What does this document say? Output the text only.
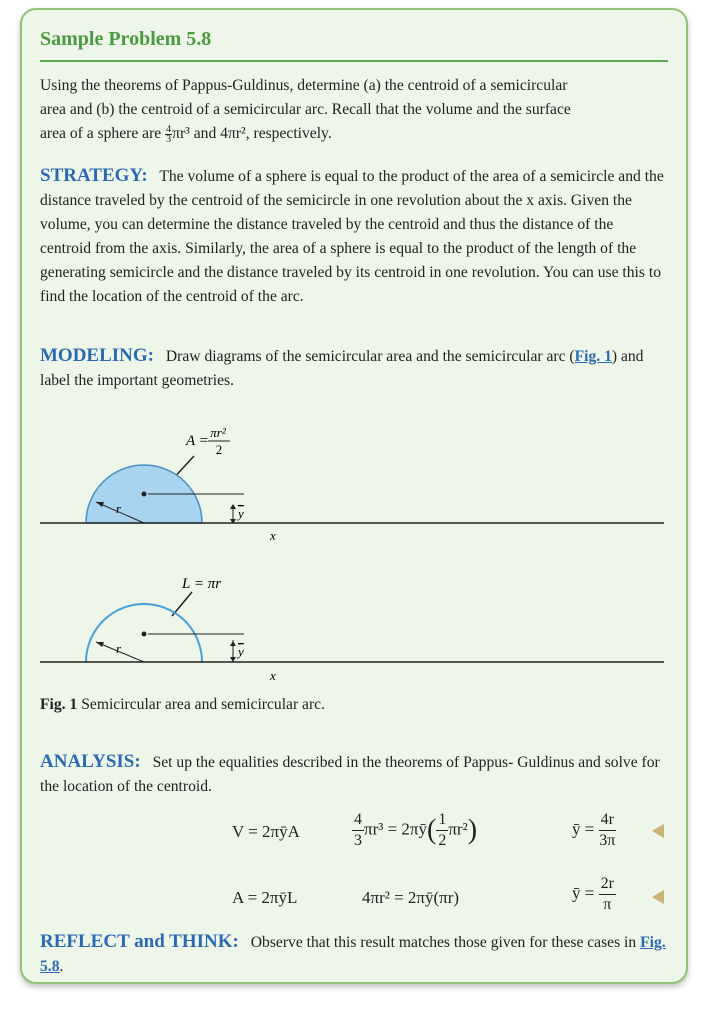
Sample Problem 5.8
Using the theorems of Pappus-Guldinus, determine (a) the centroid of a semicircular
area and (b) the centroid of a semicircular arc. Recall that the volume and the surface
area of a sphere are $\frac{4}{3} \pi r^3$ and 4πr², respectively.
STRATEGY: The volume of a sphere is equal to the product of the area of a semicircle and the distance traveled by the centroid of the semicircle in one revolution about the x axis. Given the volume, you can determine the distance traveled by the centroid and thus the distance of the centroid from the axis. Similarly, the area of a sphere is equal to the product of the length of the generating semicircle and the distance traveled by its centroid in one revolution. You can use this to find the location of the centroid of the arc.
MODELING: Draw diagrams of the semicircular area and the semicircular arc (Fig. 1) and label the important geometries.
A =
πr²
2
r	y
x
L = πr
r	y
x
Fig. 1 Semicircular area and semicircular arc.
ANALYSIS: Set up the equalities described in the theorems of Pappus- Guldinus and solve for the location of the centroid.
V = 2πȳA	$\frac{4}{3} \pi r^3$ = 2πȳ( $\frac{1}{2} \pi r^2$)	ȳ = $\frac{4r}{3\pi}$
A = 2πȳL	4πr² = 2πȳ(πr)	ȳ = $\frac{2r}{\pi}$
REFLECT and THINK: Observe that this result matches those given for these cases in Fig. 5.8.
